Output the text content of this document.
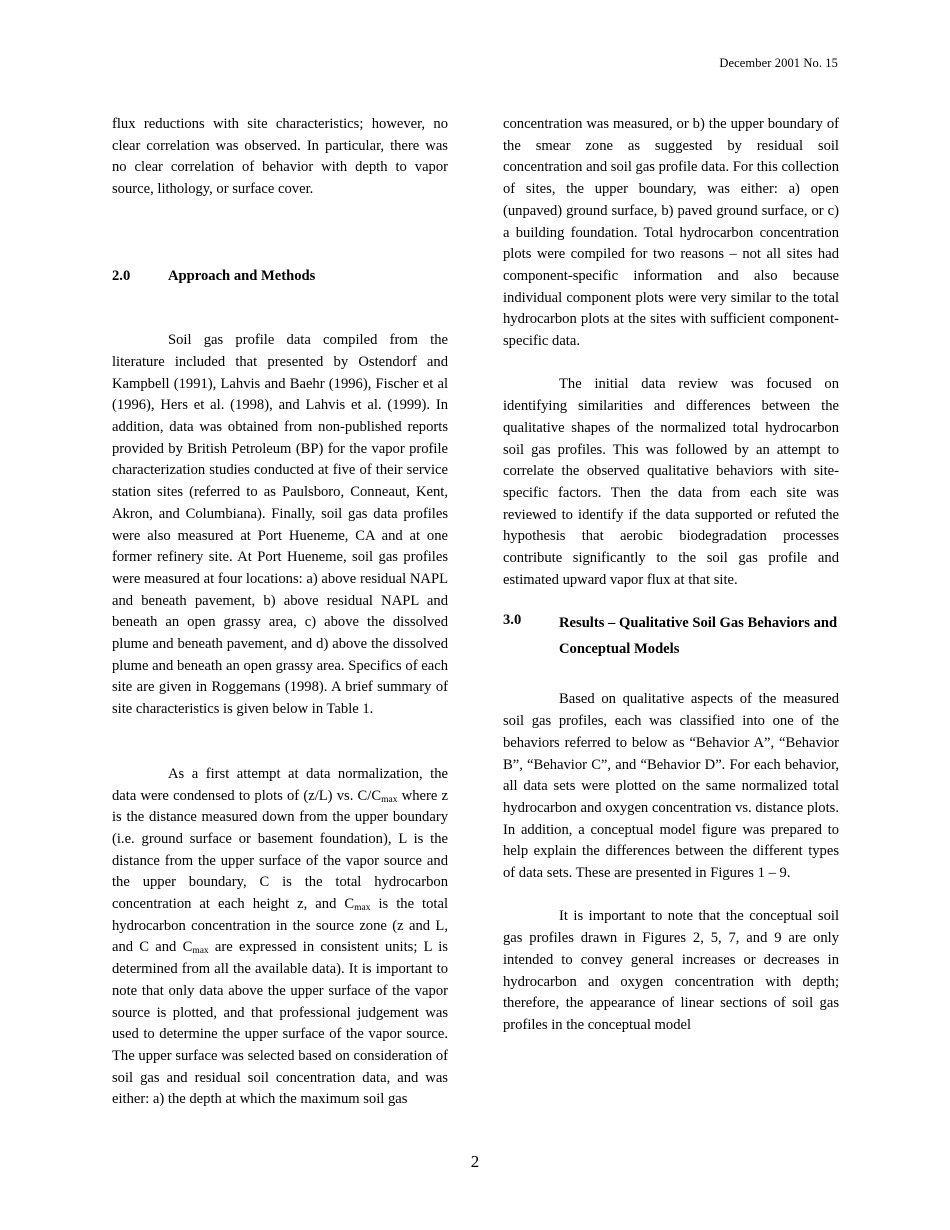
December 2001 No. 15

flux reductions with site characteristics; however, no clear correlation was observed. In particular, there was no clear correlation of behavior with depth to vapor source, lithology, or surface cover.

2.0	Approach and Methods

Soil gas profile data compiled from the literature included that presented by Ostendorf and Kampbell (1991), Lahvis and Baehr (1996), Fischer et al (1996), Hers et al. (1998), and Lahvis et al. (1999). In addition, data was obtained from non-published reports provided by British Petroleum (BP) for the vapor profile characterization studies conducted at five of their service station sites (referred to as Paulsboro, Conneaut, Kent, Akron, and Columbiana). Finally, soil gas data profiles were also measured at Port Hueneme, CA and at one former refinery site. At Port Hueneme, soil gas profiles were measured at four locations: a) above residual NAPL and beneath pavement, b) above residual NAPL and beneath an open grassy area, c) above the dissolved plume and beneath pavement, and d) above the dissolved plume and beneath an open grassy area. Specifics of each site are given in Roggemans (1998). A brief summary of site characteristics is given below in Table 1.

As a first attempt at data normalization, the data were condensed to plots of (z/L) vs. $C/C_{max}$ where z is the distance measured down from the upper boundary (i.e. ground surface or basement foundation), L is the distance from the upper surface of the vapor source and the upper boundary, C is the total hydrocarbon concentration at each height z, and $C_{max}$ is the total hydrocarbon concentration in the source zone (z and L, and C and $C_{max}$ are expressed in consistent units; L is determined from all the available data). It is important to note that only data above the upper surface of the vapor source is plotted, and that professional judgement was used to determine the upper surface of the vapor source. The upper surface was selected based on consideration of soil gas and residual soil concentration data, and was either: a) the depth at which the maximum soil gas

concentration was measured, or b) the upper boundary of the smear zone as suggested by residual soil concentration and soil gas profile data. For this collection of sites, the upper boundary, was either: a) open (unpaved) ground surface, b) paved ground surface, or c) a building foundation. Total hydrocarbon concentration plots were compiled for two reasons – not all sites had component-specific information and also because individual component plots were very similar to the total hydrocarbon plots at the sites with sufficient component-specific data.

The initial data review was focused on identifying similarities and differences between the qualitative shapes of the normalized total hydrocarbon soil gas profiles. This was followed by an attempt to correlate the observed qualitative behaviors with site-specific factors. Then the data from each site was reviewed to identify if the data supported or refuted the hypothesis that aerobic biodegradation processes contribute significantly to the soil gas profile and estimated upward vapor flux at that site.

3.0	Results – Qualitative Soil Gas Behaviors and Conceptual Models

Based on qualitative aspects of the measured soil gas profiles, each was classified into one of the behaviors referred to below as “Behavior A”, “Behavior B”, “Behavior C”, and “Behavior D”. For each behavior, all data sets were plotted on the same normalized total hydrocarbon and oxygen concentration vs. distance plots. In addition, a conceptual model figure was prepared to help explain the differences between the different types of data sets. These are presented in Figures 1 – 9.

It is important to note that the conceptual soil gas profiles drawn in Figures 2, 5, 7, and 9 are only intended to convey general increases or decreases in hydrocarbon and oxygen concentration with depth; therefore, the appearance of linear sections of soil gas profiles in the conceptual model

2
